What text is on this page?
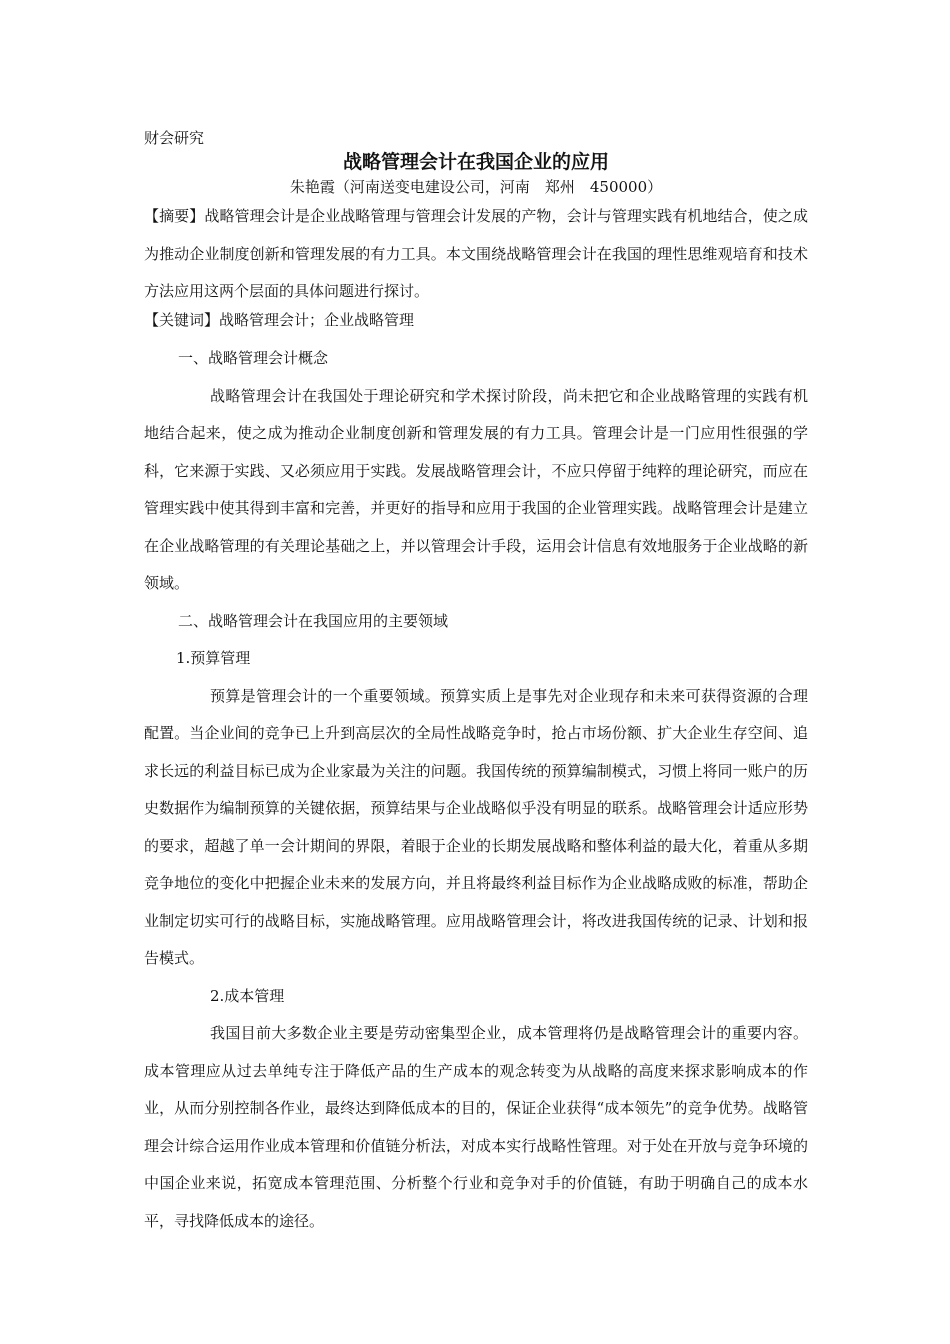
财会研究
战略管理会计在我国企业的应用
朱艳霞（河南送变电建设公司，河南　郑州　450000）

【摘要】战略管理会计是企业战略管理与管理会计发展的产物，会计与管理实践有机地结合，使之成为推动企业制度创新和管理发展的有力工具。本文围绕战略管理会计在我国的理性思维观培育和技术方法应用这两个层面的具体问题进行探讨。

【关键词】战略管理会计；企业战略管理

一、战略管理会计概念

战略管理会计在我国处于理论研究和学术探讨阶段，尚未把它和企业战略管理的实践有机地结合起来，使之成为推动企业制度创新和管理发展的有力工具。管理会计是一门应用性很强的学科，它来源于实践、又必须应用于实践。发展战略管理会计，不应只停留于纯粹的理论研究，而应在管理实践中使其得到丰富和完善，并更好的指导和应用于我国的企业管理实践。战略管理会计是建立在企业战略管理的有关理论基础之上，并以管理会计手段，运用会计信息有效地服务于企业战略的新领域。

二、战略管理会计在我国应用的主要领域

1.预算管理

预算是管理会计的一个重要领域。预算实质上是事先对企业现存和未来可获得资源的合理配置。当企业间的竞争已上升到高层次的全局性战略竞争时，抢占市场份额、扩大企业生存空间、追求长远的利益目标已成为企业家最为关注的问题。我国传统的预算编制模式，习惯上将同一账户的历史数据作为编制预算的关键依据，预算结果与企业战略似乎没有明显的联系。战略管理会计适应形势的要求，超越了单一会计期间的界限，着眼于企业的长期发展战略和整体利益的最大化，着重从多期竞争地位的变化中把握企业未来的发展方向，并且将最终利益目标作为企业战略成败的标准，帮助企业制定切实可行的战略目标，实施战略管理。应用战略管理会计，将改进我国传统的记录、计划和报告模式。

2.成本管理

我国目前大多数企业主要是劳动密集型企业，成本管理将仍是战略管理会计的重要内容。成本管理应从过去单纯专注于降低产品的生产成本的观念转变为从战略的高度来探求影响成本的作业，从而分别控制各作业，最终达到降低成本的目的，保证企业获得“成本领先”的竞争优势。战略管理会计综合运用作业成本管理和价值链分析法，对成本实行战略性管理。对于处在开放与竞争环境的中国企业来说，拓宽成本管理范围、分析整个行业和竞争对手的价值链，有助于明确自己的成本水平，寻找降低成本的途径。
